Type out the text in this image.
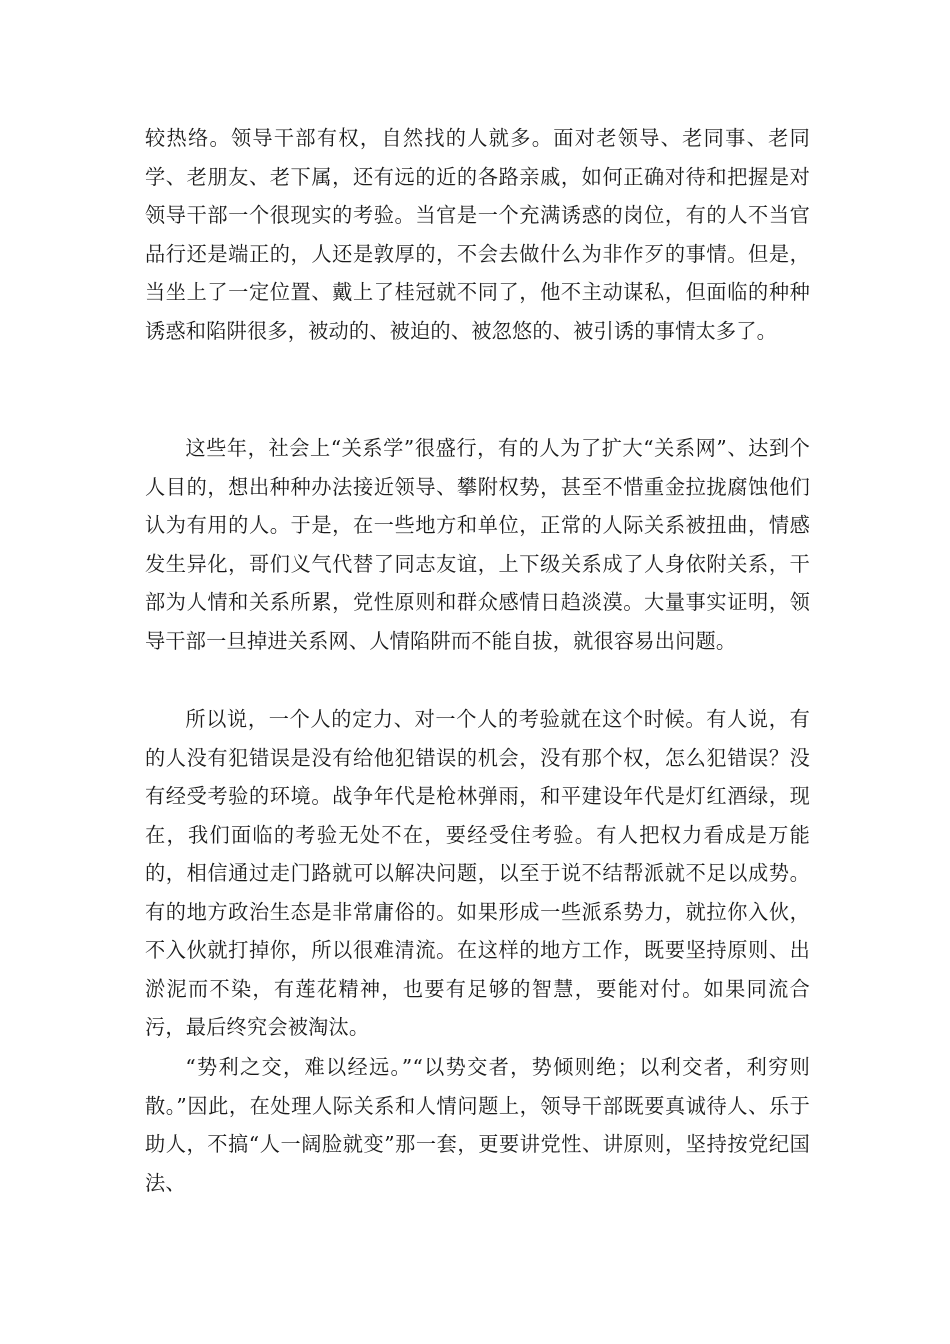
较热络。领导干部有权，自然找的人就多。面对老领导、老同事、老同学、老朋友、老下属，还有远的近的各路亲戚，如何正确对待和把握是对领导干部一个很现实的考验。当官是一个充满诱惑的岗位，有的人不当官品行还是端正的，人还是敦厚的，不会去做什么为非作歹的事情。但是，当坐上了一定位置、戴上了桂冠就不同了，他不主动谋私，但面临的种种诱惑和陷阱很多，被动的、被迫的、被忽悠的、被引诱的事情太多了。

这些年，社会上“关系学”很盛行，有的人为了扩大“关系网”、达到个人目的，想出种种办法接近领导、攀附权势，甚至不惜重金拉拢腐蚀他们认为有用的人。于是，在一些地方和单位，正常的人际关系被扭曲，情感发生异化，哥们义气代替了同志友谊，上下级关系成了人身依附关系，干部为人情和关系所累，党性原则和群众感情日趋淡漠。大量事实证明，领导干部一旦掉进关系网、人情陷阱而不能自拔，就很容易出问题。

所以说，一个人的定力、对一个人的考验就在这个时候。有人说，有的人没有犯错误是没有给他犯错误的机会，没有那个权，怎么犯错误？没有经受考验的环境。战争年代是枪林弹雨，和平建设年代是灯红酒绿，现在，我们面临的考验无处不在，要经受住考验。有人把权力看成是万能的，相信通过走门路就可以解决问题，以至于说不结帮派就不足以成势。有的地方政治生态是非常庸俗的。如果形成一些派系势力，就拉你入伙，不入伙就打掉你，所以很难清流。在这样的地方工作，既要坚持原则、出淤泥而不染，有莲花精神，也要有足够的智慧，要能对付。如果同流合污，最后终究会被淘汰。

“势利之交，难以经远。”“以势交者，势倾则绝；以利交者，利穷则散。”因此，在处理人际关系和人情问题上，领导干部既要真诚待人、乐于助人，不搞“人一阔脸就变”那一套，更要讲党性、讲原则，坚持按党纪国法、
